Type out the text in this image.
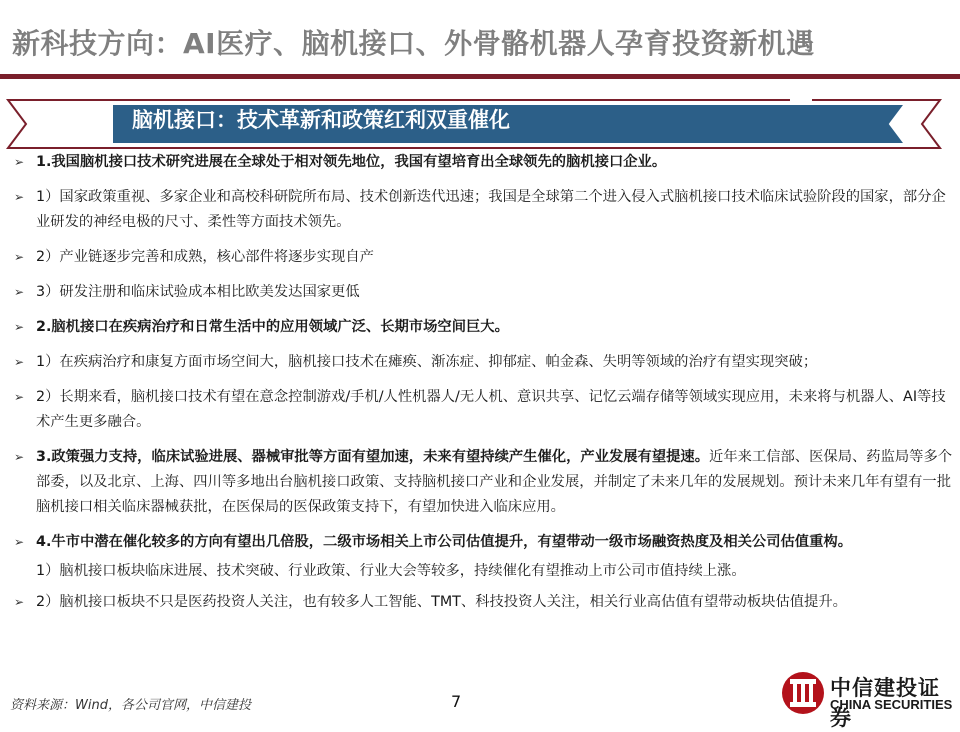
新科技方向：AI医疗、脑机接口、外骨骼机器人孕育投资新机遇
脑机接口：技术革新和政策红利双重催化
➢ 1.我国脑机接口技术研究进展在全球处于相对领先地位，我国有望培育出全球领先的脑机接口企业。
➢ 1）国家政策重视、多家企业和高校科研院所布局、技术创新迭代迅速；我国是全球第二个进入侵入式脑机接口技术临床试验阶段的国家，部分企业研发的神经电极的尺寸、柔性等方面技术领先。
➢ 2）产业链逐步完善和成熟，核心部件将逐步实现自产
➢ 3）研发注册和临床试验成本相比欧美发达国家更低
➢ 2.脑机接口在疾病治疗和日常生活中的应用领域广泛、长期市场空间巨大。
➢ 1）在疾病治疗和康复方面市场空间大，脑机接口技术在瘫痪、渐冻症、抑郁症、帕金森、失明等领域的治疗有望实现突破；
➢ 2）长期来看，脑机接口技术有望在意念控制游戏/手机/人性机器人/无人机、意识共享、记忆云端存储等领域实现应用，未来将与机器人、AI等技术产生更多融合。
➢ 3.政策强力支持，临床试验进展、器械审批等方面有望加速，未来有望持续产生催化，产业发展有望提速。近年来工信部、医保局、药监局等多个部委，以及北京、上海、四川等多地出台脑机接口政策、支持脑机接口产业和企业发展，并制定了未来几年的发展规划。预计未来几年有望有一批脑机接口相关临床器械获批，在医保局的医保政策支持下，有望加快进入临床应用。
➢ 4.牛市中潜在催化较多的方向有望出几倍股，二级市场相关上市公司估值提升，有望带动一级市场融资热度及相关公司估值重构。
1）脑机接口板块临床进展、技术突破、行业政策、行业大会等较多，持续催化有望推动上市公司市值持续上涨。
➢ 2）脑机接口板块不只是医药投资人关注，也有较多人工智能、TMT、科技投资人关注，相关行业高估值有望带动板块估值提升。
资料来源：Wind，各公司官网，中信建投	7
中信建投证券
CHINA SECURITIES
